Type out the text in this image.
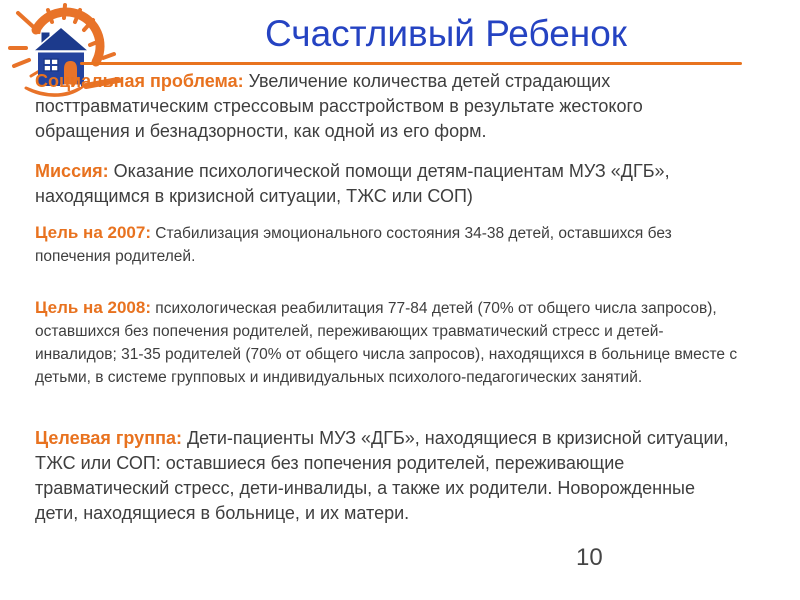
Счастливый Ребенок
Социальная проблема: Увеличение количества детей страдающих посттравматическим стрессовым расстройством в результате жестокого обращения и безнадзорности, как одной из его форм.
Миссия: Оказание психологической помощи детям-пациентам МУЗ «ДГБ», находящимся в кризисной ситуации, ТЖС или СОП)
Цель на 2007: Стабилизация эмоционального состояния 34-38 детей, оставшихся без попечения родителей.
Цель на 2008: психологическая реабилитация 77-84 детей (70% от общего числа запросов), оставшихся без попечения родителей, переживающих травматический стресс и детей-инвалидов; 31-35 родителей (70% от общего числа запросов), находящихся в больнице вместе с детьми, в системе групповых и индивидуальных психолого-педагогических занятий.
Целевая группа: Дети-пациенты МУЗ «ДГБ», находящиеся в кризисной ситуации, ТЖС или СОП: оставшиеся без попечения родителей, переживающие травматический стресс, дети-инвалиды, а также их родители. Новорожденные дети, находящиеся в больнице, и их матери.
10
